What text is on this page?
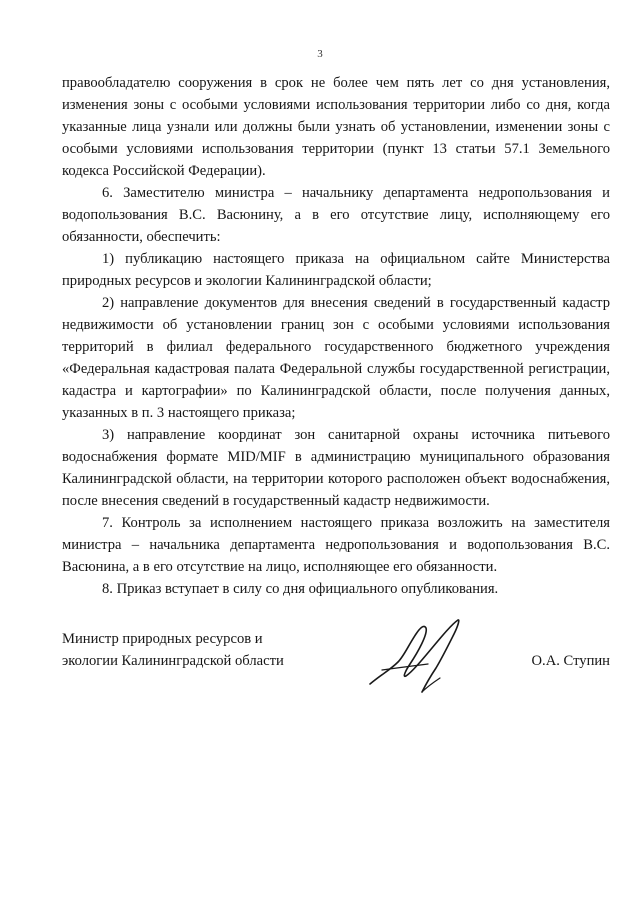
3

правообладателю сооружения в срок не более чем пять лет со дня установления, изменения зоны с особыми условиями использования территории либо со дня, когда указанные лица узнали или должны были узнать об установлении, изменении зоны с особыми условиями использования территории (пункт 13 статьи 57.1 Земельного кодекса Российской Федерации).

6. Заместителю министра – начальнику департамента недропользования и водопользования В.С. Васюнину, а в его отсутствие лицу, исполняющему его обязанности, обеспечить:

1) публикацию настоящего приказа на официальном сайте Министерства природных ресурсов и экологии Калининградской области;

2) направление документов для внесения сведений в государственный кадастр недвижимости об установлении границ зон с особыми условиями использования территорий в филиал федерального государственного бюджетного учреждения «Федеральная кадастровая палата Федеральной службы государственной регистрации, кадастра и картографии» по Калининградской области, после получения данных, указанных в п. 3 настоящего приказа;

3) направление координат зон санитарной охраны источника питьевого водоснабжения формате MID/MIF в администрацию муниципального образования Калининградской области, на территории которого расположен объект водоснабжения, после внесения сведений в государственный кадастр недвижимости.

7. Контроль за исполнением настоящего приказа возложить на заместителя министра – начальника департамента недропользования и водопользования В.С. Васюнина, а в его отсутствие на лицо, исполняющее его обязанности.

8. Приказ вступает в силу со дня официального опубликования.

Министр природных ресурсов и
экологии Калининградской области	О.А. Ступин
